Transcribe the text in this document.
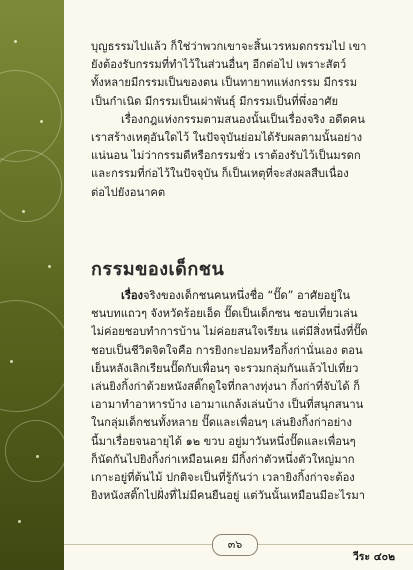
บุญธรรมไปแล้ว ก็ใช่ว่าพวกเขาจะสิ้นเวรหมดกรรมไป เขา
ยังต้องรับกรรมที่ทำไว้ในส่วนอื่นๆ อีกต่อไป เพราะสัตว์
ทั้งหลายมีกรรมเป็นของตน เป็นทายาทแห่งกรรม มีกรรม
เป็นกำเนิด มีกรรมเป็นเผ่าพันธุ์ มีกรรมเป็นที่พึ่งอาศัย
เรื่องกฎแห่งกรรมตามสนองนั้นเป็นเรื่องจริง อดีตคน
เราสร้างเหตุอันใดไว้ ในปัจจุบันย่อมได้รับผลตามนั้นอย่าง
แน่นอน ไม่ว่ากรรมดีหรือกรรมชั่ว เราต้องรับไว้เป็นมรดก
และกรรมที่ก่อไว้ในปัจจุบัน ก็เป็นเหตุที่จะส่งผลสืบเนื่อง
ต่อไปยังอนาคต
กรรมของเด็กชน
เรื่องจริงของเด็กชนคนหนึ่งชื่อ “ปั๊ด” อาศัยอยู่ใน
ชนบทแถวๆ จังหวัดร้อยเอ็ด ปั๊ดเป็นเด็กซน ชอบเที่ยวเล่น
ไม่ค่อยชอบทำการบ้าน ไม่ค่อยสนใจเรียน แต่มีสิ่งหนึ่งที่ปั๊ด
ชอบเป็นชีวิตจิตใจคือ การยิงกะปอมหรือกิ้งก่านั่นเอง ตอน
เย็นหลังเลิกเรียนปั๊ดกับเพื่อนๆ จะรวมกลุ่มกันแล้วไปเที่ยว
เล่นยิงกิ้งก่าด้วยหนังสติ๊กดูใจที่กลางทุ่งนา กิ้งก่าที่จับได้ ก็
เอามาทำอาหารบ้าง เอามาแกล้งเล่นบ้าง เป็นที่สนุกสนาน
ในกลุ่มเด็กชนทั้งหลาย ปั๊ดและเพื่อนๆ เล่นยิงกิ้งก่าอย่าง
นี้มาเรื่อยจนอายุได้ ๑๒ ขวบ อยู่มาวันหนึ่งปั๊ดและเพื่อนๆ
ก็นัดกันไปยิงกิ้งก่าเหมือนเคย มีกิ้งก่าตัวหนึ่งตัวใหญ่มาก
เกาะอยู่ที่ต้นไม้ ปกติจะเป็นที่รู้กันว่า เวลายิงกิ้งก่าจะต้อง
ยิงหนังสติ๊กไปฝั่งที่ไม่มีคนยืนอยู่ แต่วันนั้นเหมือนมีอะไรมา
๓๖
วีระ ๔๐๒
